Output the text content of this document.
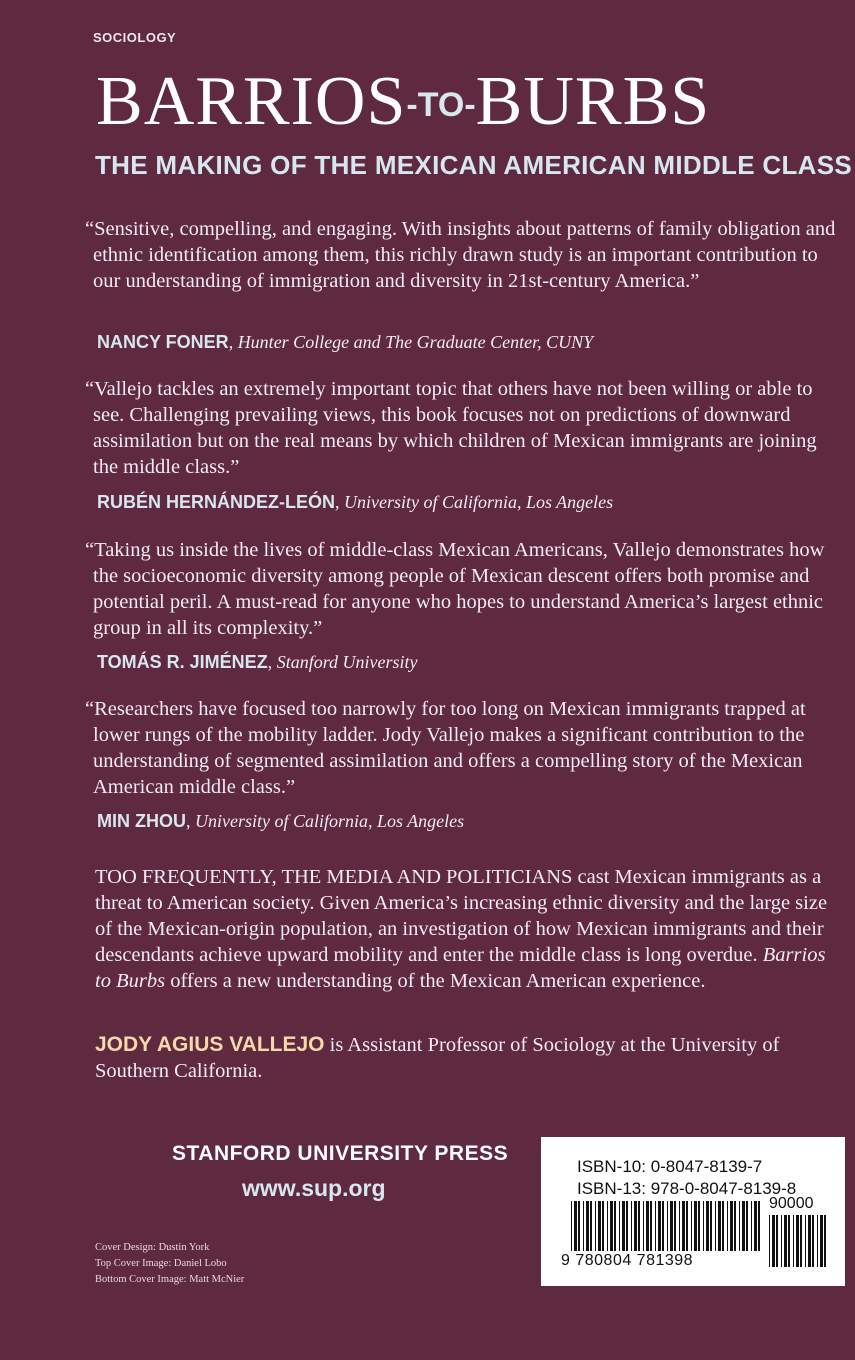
SOCIOLOGY
BARRIOS-TO-BURBS
THE MAKING OF THE MEXICAN AMERICAN MIDDLE CLASS

“Sensitive, compelling, and engaging. With insights about patterns of family obligation and ethnic identification among them, this richly drawn study is an important contribution to our understanding of immigration and diversity in 21st-century America.”

NANCY FONER, Hunter College and The Graduate Center, CUNY

“Vallejo tackles an extremely important topic that others have not been willing or able to see. Challenging prevailing views, this book focuses not on predictions of downward assimilation but on the real means by which children of Mexican immigrants are joining the middle class.”

RUBÉN HERNÁNDEZ-LEÓN, University of California, Los Angeles

“Taking us inside the lives of middle-class Mexican Americans, Vallejo demonstrates how the socioeconomic diversity among people of Mexican descent offers both promise and potential peril. A must-read for anyone who hopes to understand America’s largest ethnic group in all its complexity.”

TOMÁS R. JIMÉNEZ, Stanford University

“Researchers have focused too narrowly for too long on Mexican immigrants trapped at lower rungs of the mobility ladder. Jody Vallejo makes a significant contribution to the understanding of segmented assimilation and offers a compelling story of the Mexican American middle class.”

MIN ZHOU, University of California, Los Angeles
TOO FREQUENTLY, THE MEDIA AND POLITICIANS cast Mexican immigrants as a threat to American society. Given America’s increasing ethnic diversity and the large size of the Mexican-origin population, an investigation of how Mexican immigrants and their descendants achieve upward mobility and enter the middle class is long overdue. Barrios to Burbs offers a new understanding of the Mexican American experience.
JODY AGIUS VALLEJO is Assistant Professor of Sociology at the University of Southern California.
STANFORD UNIVERSITY PRESS
www.sup.org
Cover Design: Dustin York
Top Cover Image: Daniel Lobo
Bottom Cover Image: Matt McNier
ISBN-10: 0-8047-8139-7
ISBN-13: 978-0-8047-8139-8
90000
9 780804 781398
